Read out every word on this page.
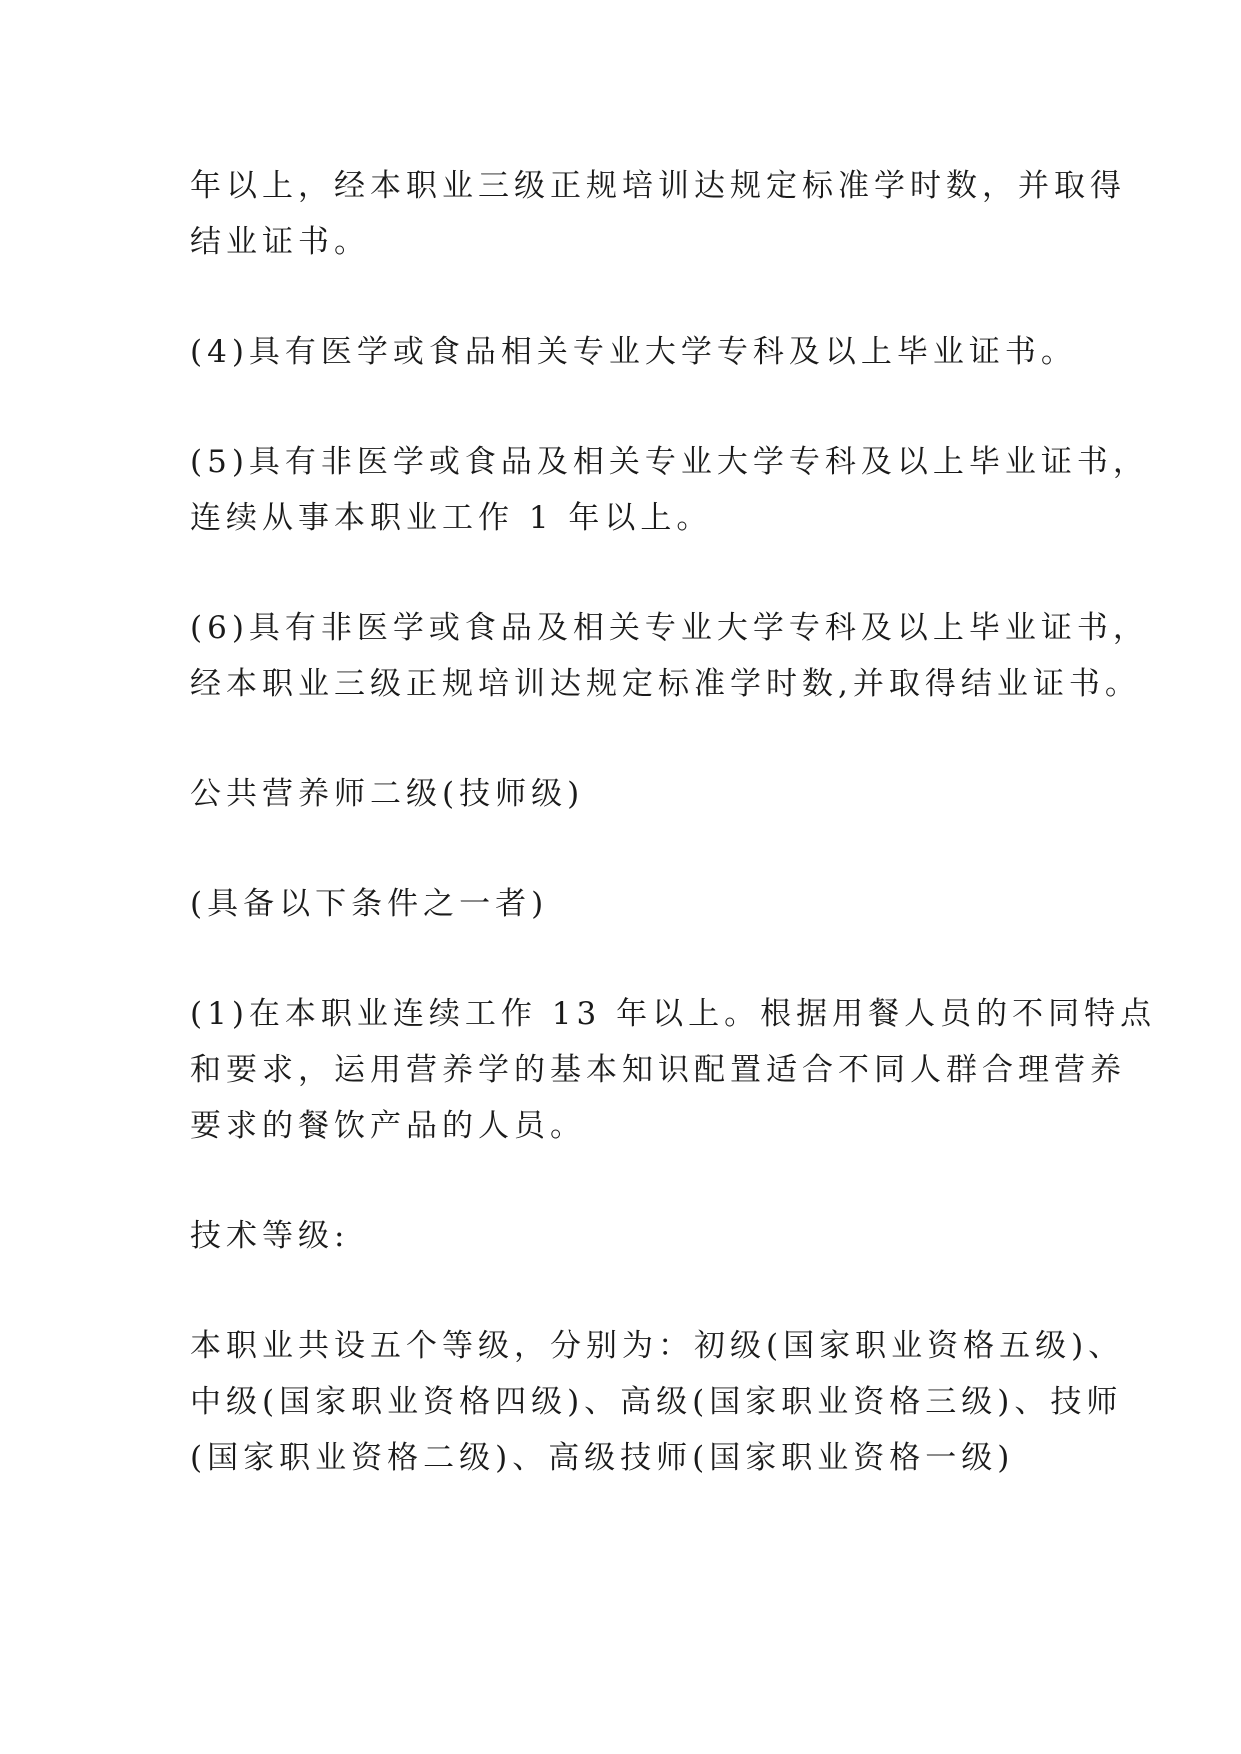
年以上，经本职业三级正规培训达规定标准学时数，并取得
结业证书。

(4)具有医学或食品相关专业大学专科及以上毕业证书。

(5)具有非医学或食品及相关专业大学专科及以上毕业证书，
连续从事本职业工作 1 年以上。

(6)具有非医学或食品及相关专业大学专科及以上毕业证书，
经本职业三级正规培训达规定标准学时数,并取得结业证书。

公共营养师二级(技师级)

(具备以下条件之一者)

(1)在本职业连续工作 13 年以上。根据用餐人员的不同特点
和要求，运用营养学的基本知识配置适合不同人群合理营养
要求的餐饮产品的人员。

技术等级:

本职业共设五个等级，分别为：初级(国家职业资格五级)、
中级(国家职业资格四级)、高级(国家职业资格三级)、技师
(国家职业资格二级)、高级技师(国家职业资格一级)
